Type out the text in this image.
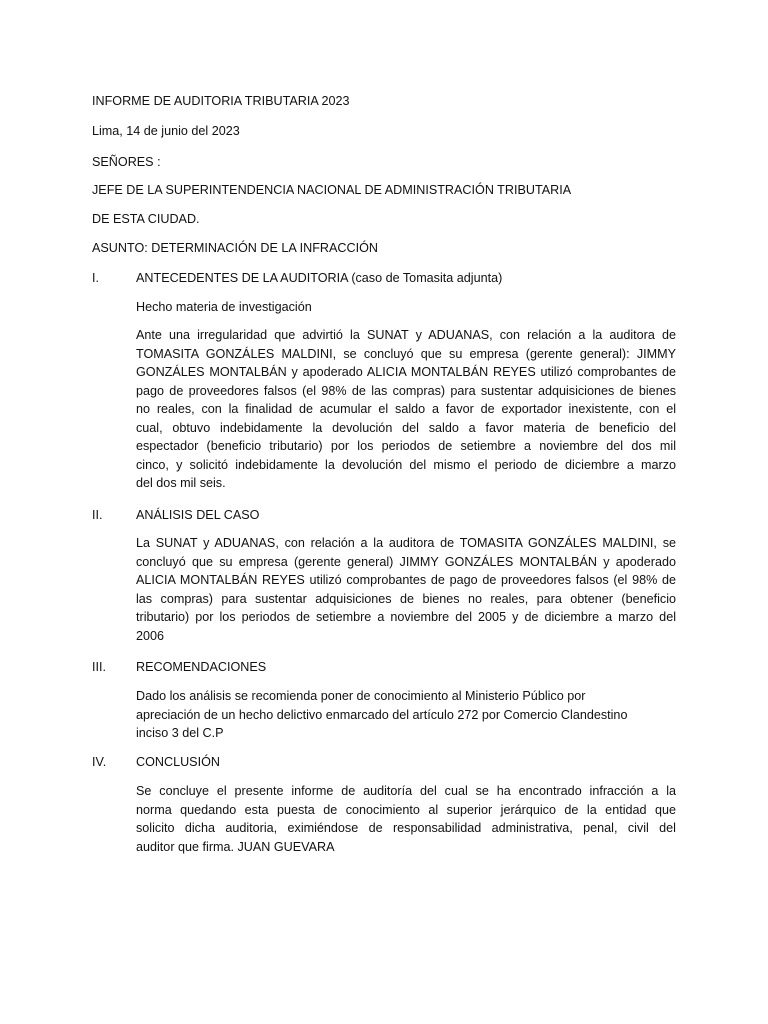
INFORME DE AUDITORIA TRIBUTARIA 2023

Lima, 14 de junio del 2023

SEÑORES :

JEFE DE LA SUPERINTENDENCIA NACIONAL DE ADMINISTRACIÓN TRIBUTARIA

DE ESTA CIUDAD.

ASUNTO: DETERMINACIÓN DE LA INFRACCIÓN

I.	ANTECEDENTES DE LA AUDITORIA (caso de Tomasita adjunta)

Hecho materia de investigación

Ante una irregularidad que advirtió la SUNAT y ADUANAS, con relación a la auditora de
TOMASITA GONZÁLES MALDINI, se concluyó que su empresa (gerente general): JIMMY
GONZÁLES MONTALBÁN y apoderado ALICIA MONTALBÁN REYES utilizó comprobantes de
pago de proveedores falsos (el 98% de las compras) para sustentar adquisiciones de bienes
no reales, con la finalidad de acumular el saldo a favor de exportador inexistente, con el
cual, obtuvo indebidamente la devolución del saldo a favor materia de beneficio del
espectador (beneficio tributario) por los periodos de setiembre a noviembre del dos mil
cinco, y solicitó indebidamente la devolución del mismo el periodo de diciembre a marzo
del dos mil seis.

II.	ANÁLISIS DEL CASO

La SUNAT y ADUANAS, con relación a la auditora de TOMASITA GONZÁLES MALDINI, se
concluyó que su empresa (gerente general) JIMMY GONZÁLES MONTALBÁN y apoderado
ALICIA MONTALBÁN REYES utilizó comprobantes de pago de proveedores falsos (el 98% de
las compras) para sustentar adquisiciones de bienes no reales, para obtener (beneficio
tributario) por los periodos de setiembre a noviembre del 2005 y de diciembre a marzo del
2006

III. RECOMENDACIONES

Dado los análisis se recomienda poner de conocimiento al Ministerio Público por
apreciación de un hecho delictivo enmarcado del artículo 272 por Comercio Clandestino
inciso 3 del C.P

IV. CONCLUSIÓN

Se concluye el presente informe de auditoría del cual se ha encontrado infracción a la
norma quedando esta puesta de conocimiento al superior jerárquico de la entidad que
solicito dicha auditoria, eximiéndose de responsabilidad administrativa, penal, civil del
auditor que firma. JUAN GUEVARA
